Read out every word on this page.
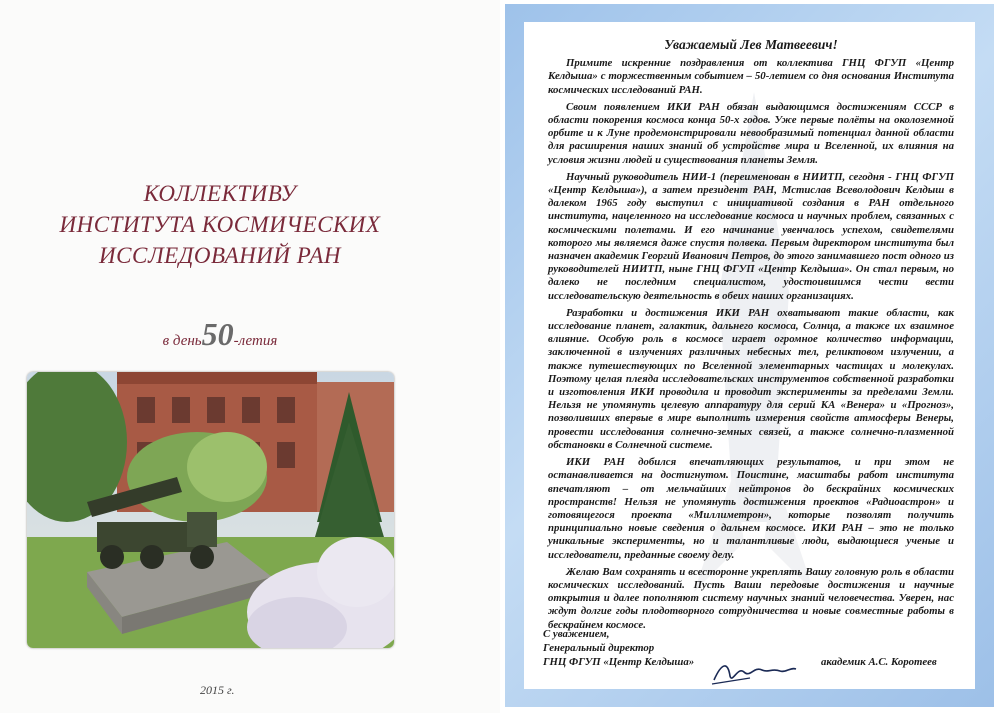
КОЛЛЕКТИВУ
ИНСТИТУТА КОСМИЧЕСКИХ
ИССЛЕДОВАНИЙ РАН
в день50-летия
2015 г.
Уважаемый Лев Матвеевич!

Примите искренние поздравления от коллектива ГНЦ ФГУП «Центр Келдыша» с торжественным событием – 50-летием со дня основания Института космических исследований РАН.

Своим появлением ИКИ РАН обязан выдающимся достижениям СССР в области покорения космоса конца 50-х годов. Уже первые полёты на околоземной орбите и к Луне продемонстрировали невообразимый потенциал данной области для расширения наших знаний об устройстве мира и Вселенной, их влияния на условия жизни людей и существования планеты Земля.

Научный руководитель НИИ-1 (переименован в НИИТП, сегодня - ГНЦ ФГУП «Центр Келдыша»), а затем президент РАН, Мстислав Всеволодович Келдыш в далеком 1965 году выступил с инициативой создания в РАН отдельного института, нацеленного на исследование космоса и научных проблем, связанных с космическими полетами. И его начинание увенчалось успехом, свидетелями которого мы являемся даже спустя полвека. Первым директором института был назначен академик Георгий Иванович Петров, до этого занимавшего пост одного из руководителей НИИТП, ныне ГНЦ ФГУП «Центр Келдыша». Он стал первым, но далеко не последним специалистом, удостоившимся чести вести исследовательскую деятельность в обеих наших организациях.

Разработки и достижения ИКИ РАН охватывают такие области, как исследование планет, галактик, дальнего космоса, Солнца, а также их взаимное влияние. Особую роль в космосе играет огромное количество информации, заключенной в излучениях различных небесных тел, реликтовом излучении, а также путешествующих по Вселенной элементарных частицах и молекулах. Поэтому целая плеяда исследовательских инструментов собственной разработки и изготовления ИКИ проводила и проводит эксперименты за пределами Земли. Нельзя не упомянуть целевую аппаратуру для серий КА «Венера» и «Прогноз», позволивших впервые в мире выполнить измерения свойств атмосферы Венеры, провести исследования солнечно-земных связей, а также солнечно-плазменной обстановки в Солнечной системе.

ИКИ РАН добился впечатляющих результатов, и при этом не останавливается на достигнутом. Поистине, масштабы работ института впечатляют – от мельчайших нейтронов до бескрайних космических пространств! Нельзя не упомянуть достижения проектов «Радиоастрон» и готовящегося проекта «Миллиметрон», которые позволят получить принципиально новые сведения о дальнем космосе. ИКИ РАН – это не только уникальные эксперименты, но и талантливые люди, выдающиеся ученые и исследователи, преданные своему делу.

Желаю Вам сохранять и всесторонне укреплять Вашу головную роль в области космических исследований. Пусть Ваши передовые достижения и научные открытия и далее пополняют систему научных знаний человечества. Уверен, нас ждут долгие годы плодотворного сотрудничества и новые совместные работы в бескрайнем космосе.

С уважением,
Генеральный директор
ГНЦ ФГУП «Центр Келдыша»	академик А.С. Коротеев
